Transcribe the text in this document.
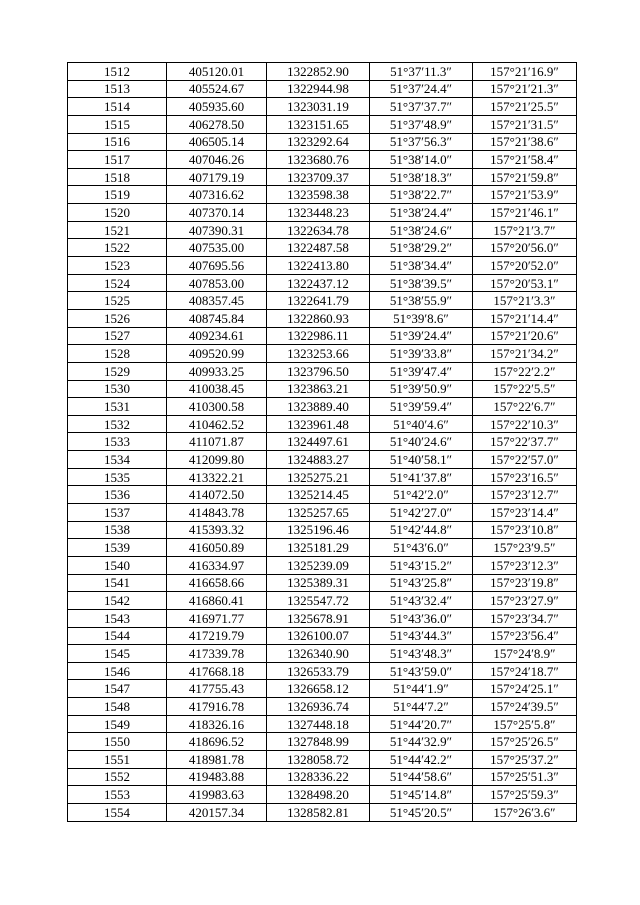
1512	405120.01	1322852.90	51°37′11.3″	157°21′16.9″
1513	405524.67	1322944.98	51°37′24.4″	157°21′21.3″
1514	405935.60	1323031.19	51°37′37.7″	157°21′25.5″
1515	406278.50	1323151.65	51°37′48.9″	157°21′31.5″
1516	406505.14	1323292.64	51°37′56.3″	157°21′38.6″
1517	407046.26	1323680.76	51°38′14.0″	157°21′58.4″
1518	407179.19	1323709.37	51°38′18.3″	157°21′59.8″
1519	407316.62	1323598.38	51°38′22.7″	157°21′53.9″
1520	407370.14	1323448.23	51°38′24.4″	157°21′46.1″
1521	407390.31	1322634.78	51°38′24.6″	157°21′3.7″
1522	407535.00	1322487.58	51°38′29.2″	157°20′56.0″
1523	407695.56	1322413.80	51°38′34.4″	157°20′52.0″
1524	407853.00	1322437.12	51°38′39.5″	157°20′53.1″
1525	408357.45	1322641.79	51°38′55.9″	157°21′3.3″
1526	408745.84	1322860.93	51°39′8.6″	157°21′14.4″
1527	409234.61	1322986.11	51°39′24.4″	157°21′20.6″
1528	409520.99	1323253.66	51°39′33.8″	157°21′34.2″
1529	409933.25	1323796.50	51°39′47.4″	157°22′2.2″
1530	410038.45	1323863.21	51°39′50.9″	157°22′5.5″
1531	410300.58	1323889.40	51°39′59.4″	157°22′6.7″
1532	410462.52	1323961.48	51°40′4.6″	157°22′10.3″
1533	411071.87	1324497.61	51°40′24.6″	157°22′37.7″
1534	412099.80	1324883.27	51°40′58.1″	157°22′57.0″
1535	413322.21	1325275.21	51°41′37.8″	157°23′16.5″
1536	414072.50	1325214.45	51°42′2.0″	157°23′12.7″
1537	414843.78	1325257.65	51°42′27.0″	157°23′14.4″
1538	415393.32	1325196.46	51°42′44.8″	157°23′10.8″
1539	416050.89	1325181.29	51°43′6.0″	157°23′9.5″
1540	416334.97	1325239.09	51°43′15.2″	157°23′12.3″
1541	416658.66	1325389.31	51°43′25.8″	157°23′19.8″
1542	416860.41	1325547.72	51°43′32.4″	157°23′27.9″
1543	416971.77	1325678.91	51°43′36.0″	157°23′34.7″
1544	417219.79	1326100.07	51°43′44.3″	157°23′56.4″
1545	417339.78	1326340.90	51°43′48.3″	157°24′8.9″
1546	417668.18	1326533.79	51°43′59.0″	157°24′18.7″
1547	417755.43	1326658.12	51°44′1.9″	157°24′25.1″
1548	417916.78	1326936.74	51°44′7.2″	157°24′39.5″
1549	418326.16	1327448.18	51°44′20.7″	157°25′5.8″
1550	418696.52	1327848.99	51°44′32.9″	157°25′26.5″
1551	418981.78	1328058.72	51°44′42.2″	157°25′37.2″
1552	419483.88	1328336.22	51°44′58.6″	157°25′51.3″
1553	419983.63	1328498.20	51°45′14.8″	157°25′59.3″
1554	420157.34	1328582.81	51°45′20.5″	157°26′3.6″
